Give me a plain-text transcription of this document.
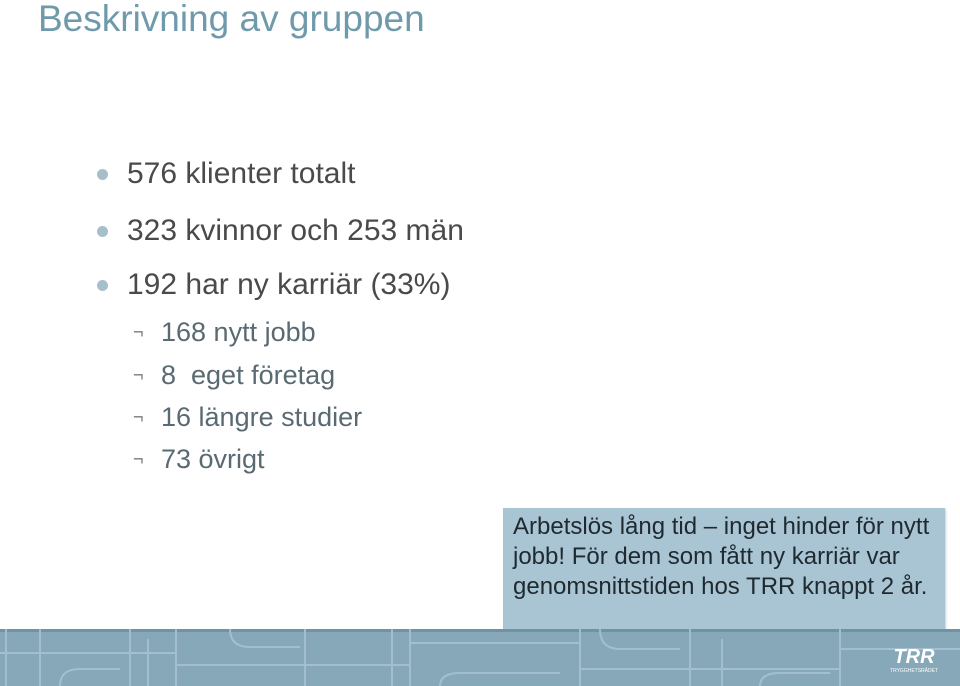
Beskrivning av gruppen
576 klienter totalt
323 kvinnor och 253 män
192 har ny karriär (33%)
¬ 168 nytt jobb
¬ 8  eget företag
¬ 16 längre studier
¬ 73 övrigt

Arbetslös lång tid – inget hinder för nytt jobb! För dem som fått ny karriär var genomsnittstiden hos TRR knappt 2 år.

TRR
TRYGGHETSRÅDET
